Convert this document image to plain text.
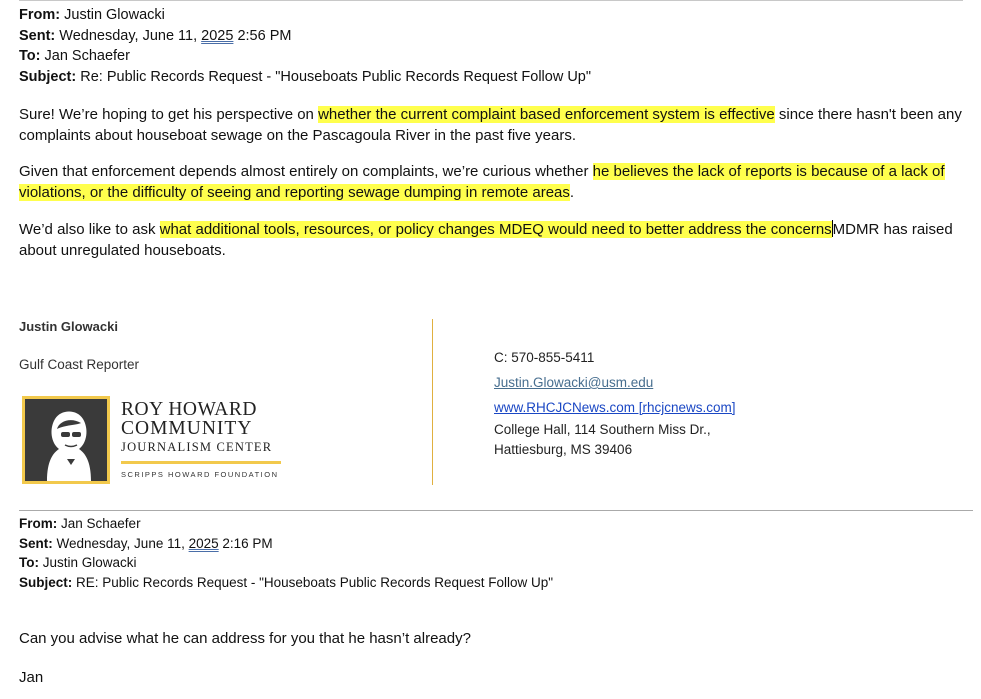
From: Justin Glowacki
Sent: Wednesday, June 11, 2025 2:56 PM
To: Jan Schaefer
Subject: Re: Public Records Request - "Houseboats Public Records Request Follow Up"

Sure! We’re hoping to get his perspective on whether the current complaint based enforcement system is effective since there hasn't been any complaints about houseboat sewage on the Pascagoula River in the past five years.

Given that enforcement depends almost entirely on complaints, we’re curious whether he believes the lack of reports is because of a lack of violations, or the difficulty of seeing and reporting sewage dumping in remote areas.

We’d also like to ask what additional tools, resources, or policy changes MDEQ would need to better address the concernsMDMR has raised about unregulated houseboats.

Justin Glowacki
Gulf Coast Reporter
ROY HOWARD
COMMUNITY
JOURNALISM CENTER
SCRIPPS HOWARD FOUNDATION
C: 570-855-5411
Justin.Glowacki@usm.edu
www.RHCJCNews.com [rhcjcnews.com]
College Hall, 114 Southern Miss Dr.,
Hattiesburg, MS 39406
From: Jan Schaefer
Sent: Wednesday, June 11, 2025 2:16 PM
To: Justin Glowacki
Subject: RE: Public Records Request - "Houseboats Public Records Request Follow Up"

Can you advise what he can address for you that he hasn’t already?

Jan
